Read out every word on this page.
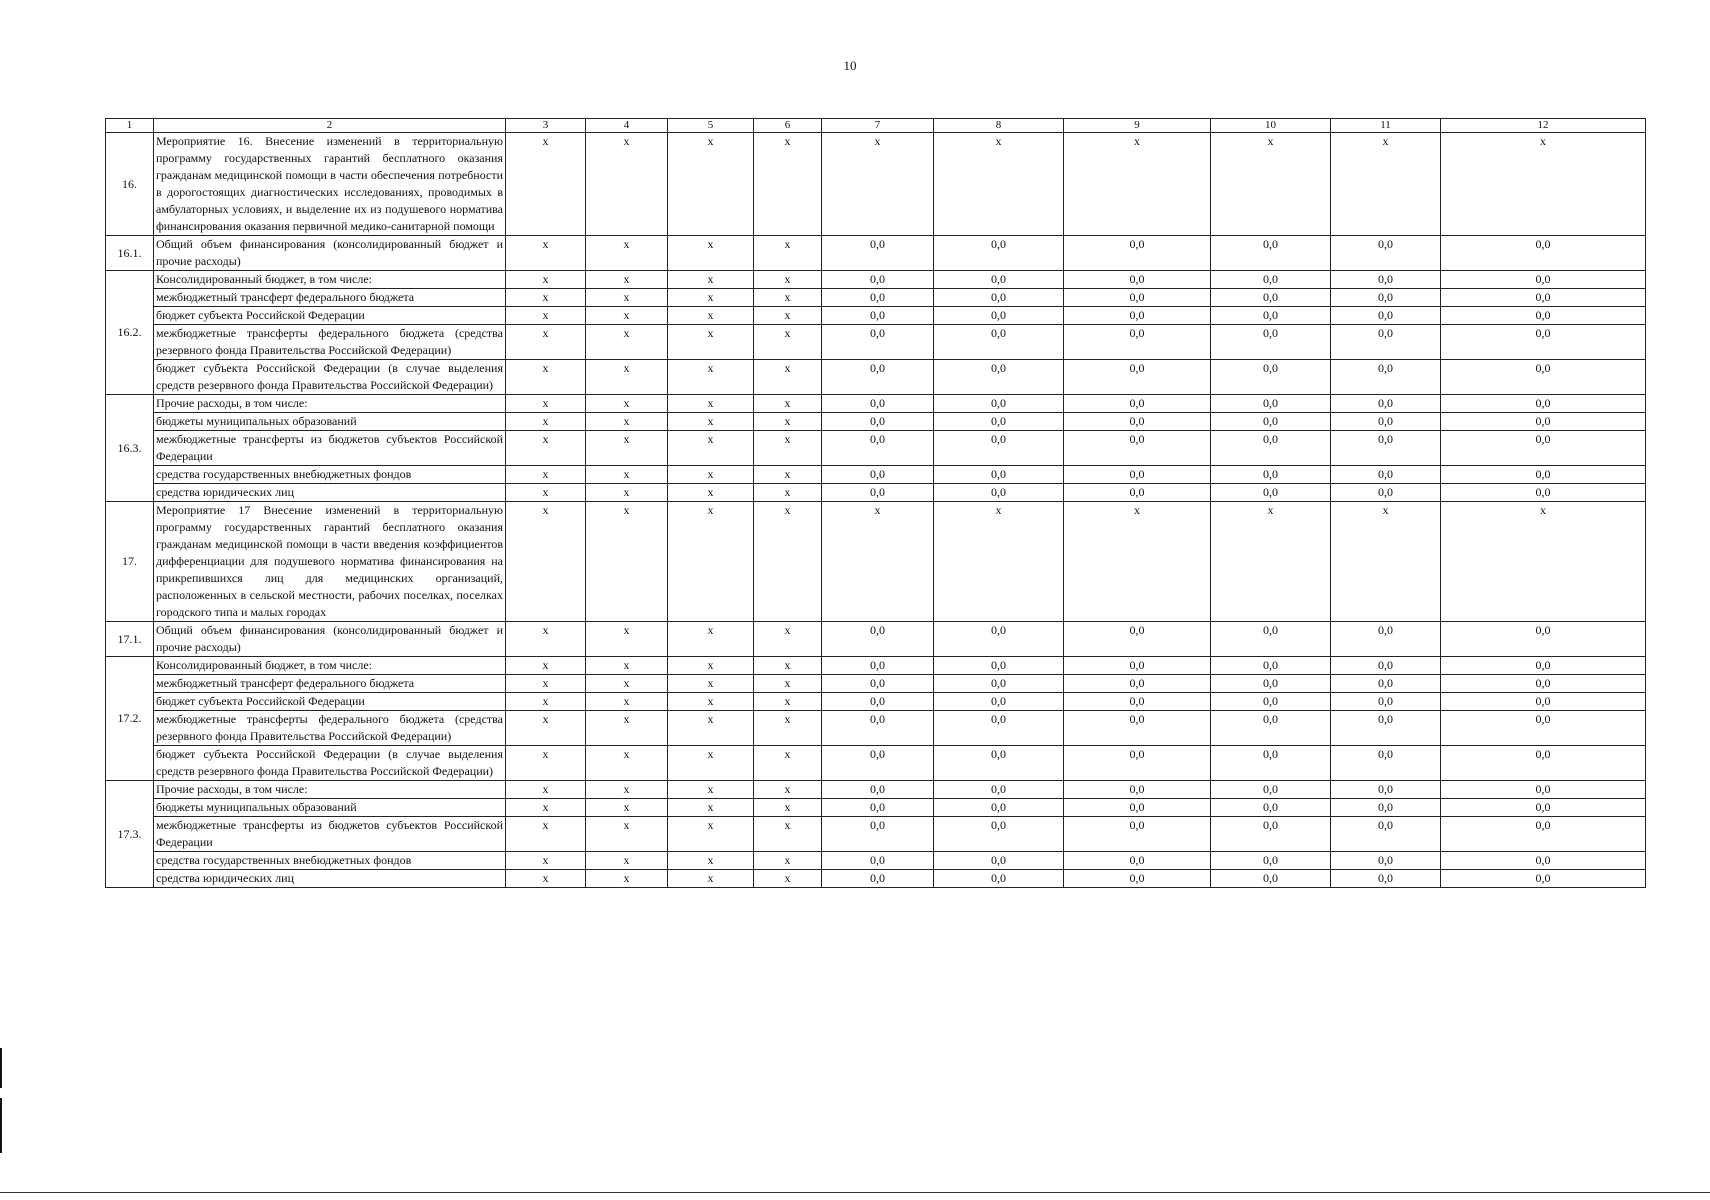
10
1	2	3	4	5	6	7	8	9	10	11	12
16.	Мероприятие 16. Внесение изменений в территориальную программу государственных гарантий бесплатного оказания гражданам медицинской помощи в части обеспечения потребности в дорогостоящих диагностических исследованиях, проводимых в амбулаторных условиях, и выделение их из подушевого норматива финансирования оказания первичной медико-санитарной помощи	x	x	x	x	x	x	x	x	x	x
16.1.	Общий объем финансирования (консолидированный бюджет и прочие расходы)	x	x	x	x	0,0	0,0	0,0	0,0	0,0	0,0
16.2.	Консолидированный бюджет, в том числе:	x	x	x	x	0,0	0,0	0,0	0,0	0,0	0,0
	межбюджетный трансферт федерального бюджета	x	x	x	x	0,0	0,0	0,0	0,0	0,0	0,0
	бюджет субъекта Российской Федерации	x	x	x	x	0,0	0,0	0,0	0,0	0,0	0,0
	межбюджетные трансферты федерального бюджета (средства резервного фонда Правительства Российской Федерации)	x	x	x	x	0,0	0,0	0,0	0,0	0,0	0,0
	бюджет субъекта Российской Федерации (в случае выделения средств резервного фонда Правительства Российской Федерации)	x	x	x	x	0,0	0,0	0,0	0,0	0,0	0,0
16.3.	Прочие расходы, в том числе:	x	x	x	x	0,0	0,0	0,0	0,0	0,0	0,0
	бюджеты муниципальных образований	x	x	x	x	0,0	0,0	0,0	0,0	0,0	0,0
	межбюджетные трансферты из бюджетов субъектов Российской Федерации	x	x	x	x	0,0	0,0	0,0	0,0	0,0	0,0
	средства государственных внебюджетных фондов	x	x	x	x	0,0	0,0	0,0	0,0	0,0	0,0
	средства юридических лиц	x	x	x	x	0,0	0,0	0,0	0,0	0,0	0,0
17.	Мероприятие 17 Внесение изменений в территориальную программу государственных гарантий бесплатного оказания гражданам медицинской помощи в части введения коэффициентов дифференциации для подушевого норматива финансирования на прикрепившихся лиц для медицинских организаций, расположенных в сельской местности, рабочих поселках, поселках городского типа и малых городах	x	x	x	x	x	x	x	x	x	x
17.1.	Общий объем финансирования (консолидированный бюджет и прочие расходы)	x	x	x	x	0,0	0,0	0,0	0,0	0,0	0,0
17.2.	Консолидированный бюджет, в том числе:	x	x	x	x	0,0	0,0	0,0	0,0	0,0	0,0
	межбюджетный трансферт федерального бюджета	x	x	x	x	0,0	0,0	0,0	0,0	0,0	0,0
	бюджет субъекта Российской Федерации	x	x	x	x	0,0	0,0	0,0	0,0	0,0	0,0
	межбюджетные трансферты федерального бюджета (средства резервного фонда Правительства Российской Федерации)	x	x	x	x	0,0	0,0	0,0	0,0	0,0	0,0
	бюджет субъекта Российской Федерации (в случае выделения средств резервного фонда Правительства Российской Федерации)	x	x	x	x	0,0	0,0	0,0	0,0	0,0	0,0
17.3.	Прочие расходы, в том числе:	x	x	x	x	0,0	0,0	0,0	0,0	0,0	0,0
	бюджеты муниципальных образований	x	x	x	x	0,0	0,0	0,0	0,0	0,0	0,0
	межбюджетные трансферты из бюджетов субъектов Российской Федерации	x	x	x	x	0,0	0,0	0,0	0,0	0,0	0,0
	средства государственных внебюджетных фондов	x	x	x	x	0,0	0,0	0,0	0,0	0,0	0,0
	средства юридических лиц	x	x	x	x	0,0	0,0	0,0	0,0	0,0	0,0
